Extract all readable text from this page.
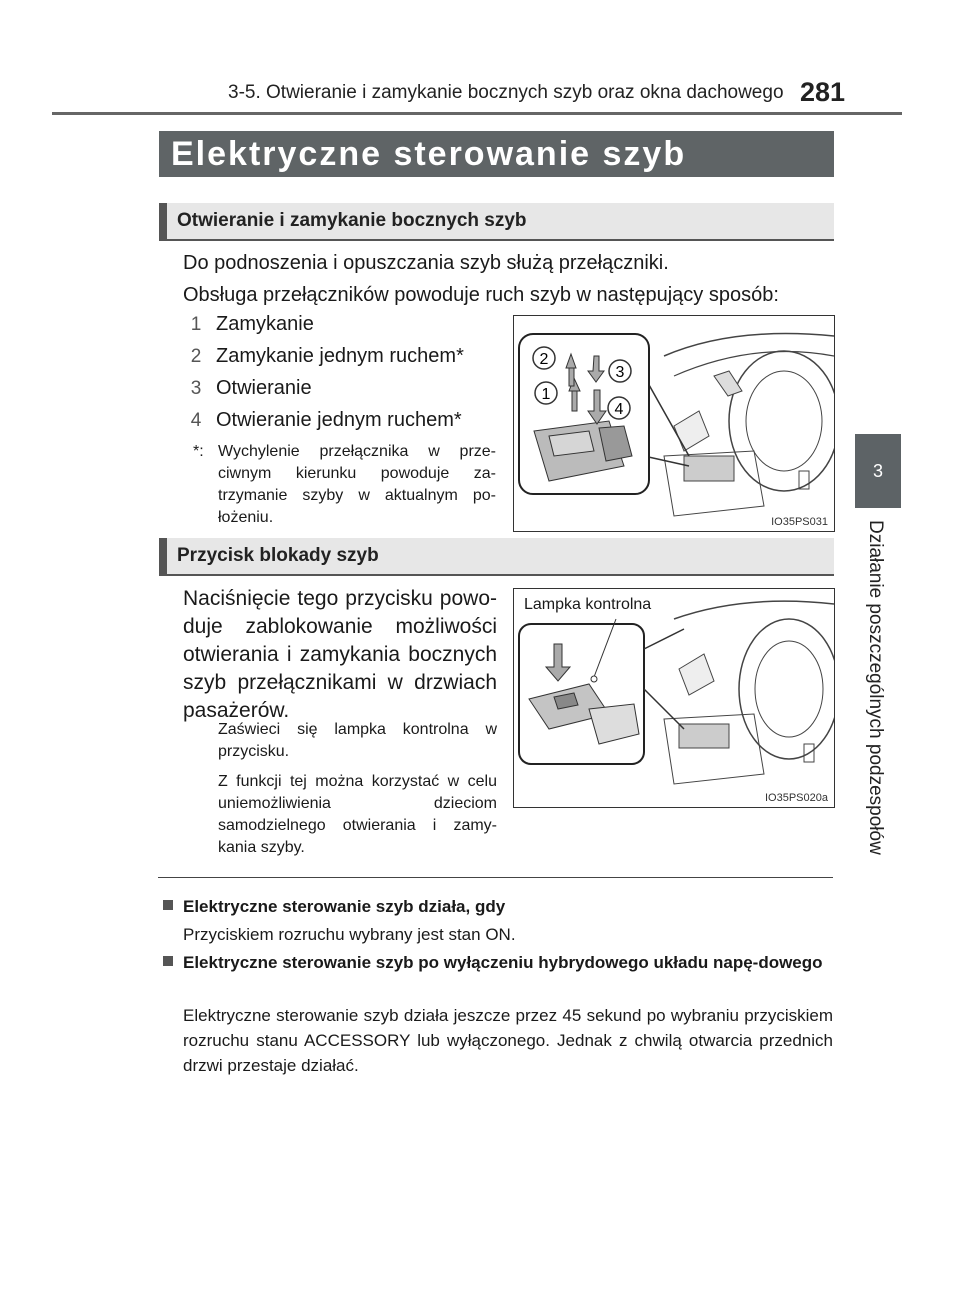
3-5. Otwieranie i zamykanie bocznych szyb oraz okna dachowego 281
3
Działanie poszczególnych podzespołów
Elektryczne sterowanie szyb
Otwieranie i zamykanie bocznych szyb
Do podnoszenia i opuszczania szyb służą przełączniki.
Obsługa przełączników powoduje ruch szyb w następujący sposób:
1 Zamykanie
2 Zamykanie jednym ruchem*
3 Otwieranie
4 Otwieranie jednym ruchem*
*: Wychylenie przełącznika w prze-ciwnym kierunku powoduje za-trzymanie szyby w aktualnym po-łożeniu.
2
3
1
4
IO35PS031
Przycisk blokady szyb
Naciśnięcie tego przycisku powo-duje zablokowanie możliwości otwierania i zamykania bocznych szyb przełącznikami w drzwiach pasażerów.
Zaświeci się lampka kontrolna w przycisku.
Z funkcji tej można korzystać w celu uniemożliwienia dzieciom samodzielnego otwierania i zamy-kania szyby.
Lampka kontrolna
IO35PS020a
Elektryczne sterowanie szyb działa, gdy
Przyciskiem rozruchu wybrany jest stan ON.
Elektryczne sterowanie szyb po wyłączeniu hybrydowego układu napę-dowego
Elektryczne sterowanie szyb działa jeszcze przez 45 sekund po wybraniu przyciskiem rozruchu stanu ACCESSORY lub wyłączonego. Jednak z chwilą otwarcia przednich drzwi przestaje działać.
